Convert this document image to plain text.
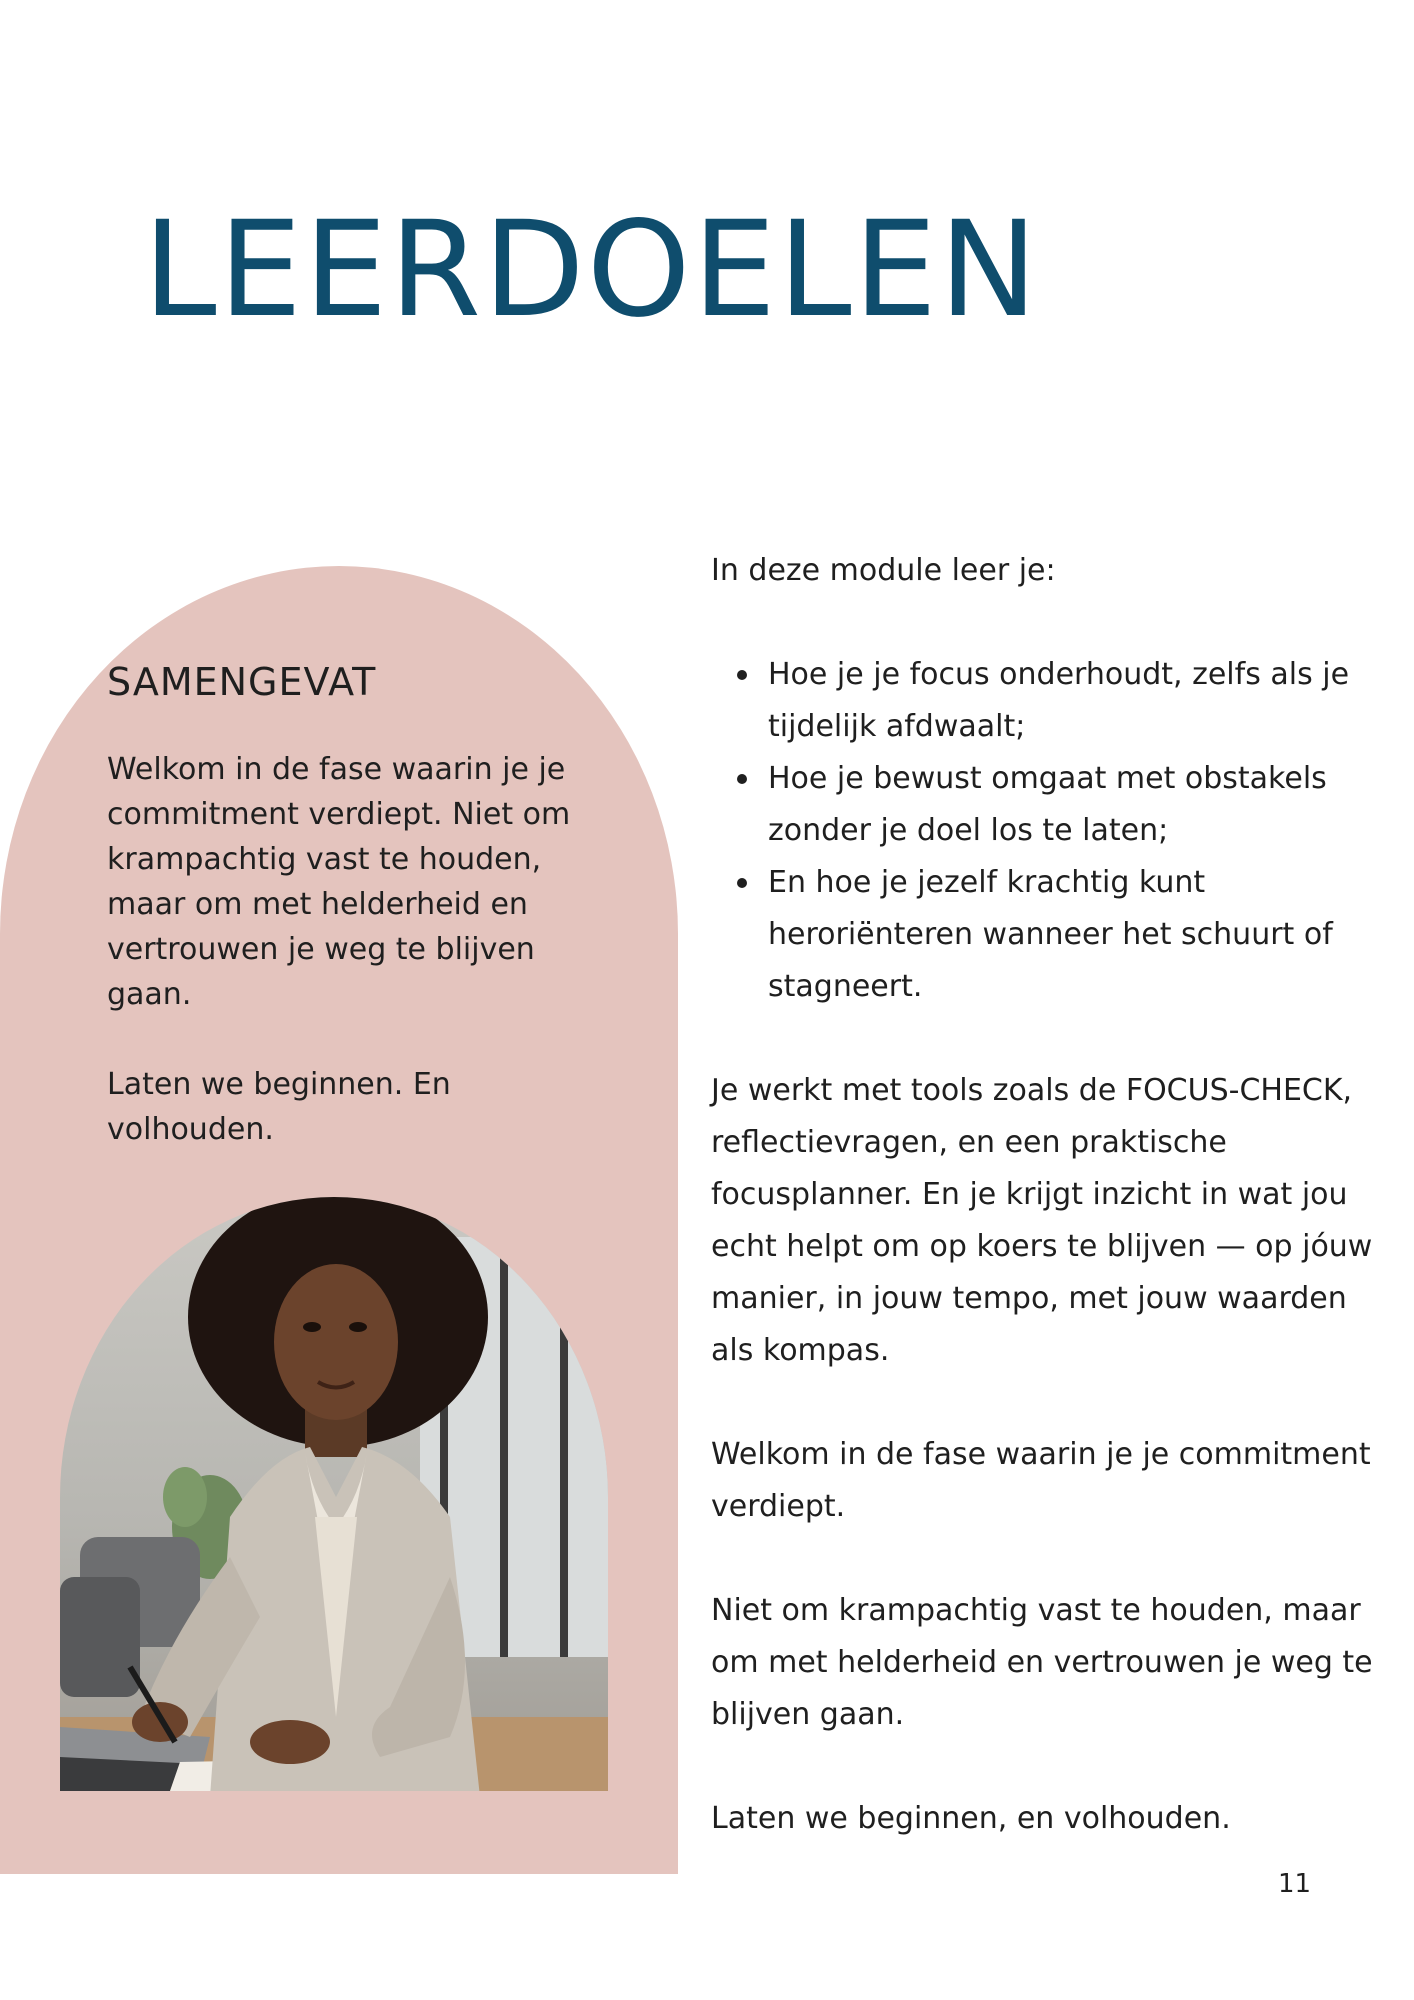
LEERDOELEN
SAMENGEVAT

Welkom in de fase waarin je je commitment verdiept. Niet om krampachtig vast te houden, maar om met helderheid en vertrouwen je weg te blijven gaan.

Laten we beginnen. En volhouden.

In deze module leer je:

Hoe je je focus onderhoudt, zelfs als je tijdelijk afdwaalt;
Hoe je bewust omgaat met obstakels zonder je doel los te laten;
En hoe je jezelf krachtig kunt heroriënteren wanneer het schuurt of stagneert.

Je werkt met tools zoals de FOCUS-CHECK, reflectievragen, en een praktische focusplanner. En je krijgt inzicht in wat jou echt helpt om op koers te blijven — op jóuw manier, in jouw tempo, met jouw waarden als kompas.

Welkom in de fase waarin je je commitment verdiept.

Niet om krampachtig vast te houden, maar om met helderheid en vertrouwen je weg te blijven gaan.

Laten we beginnen, en volhouden.

11
